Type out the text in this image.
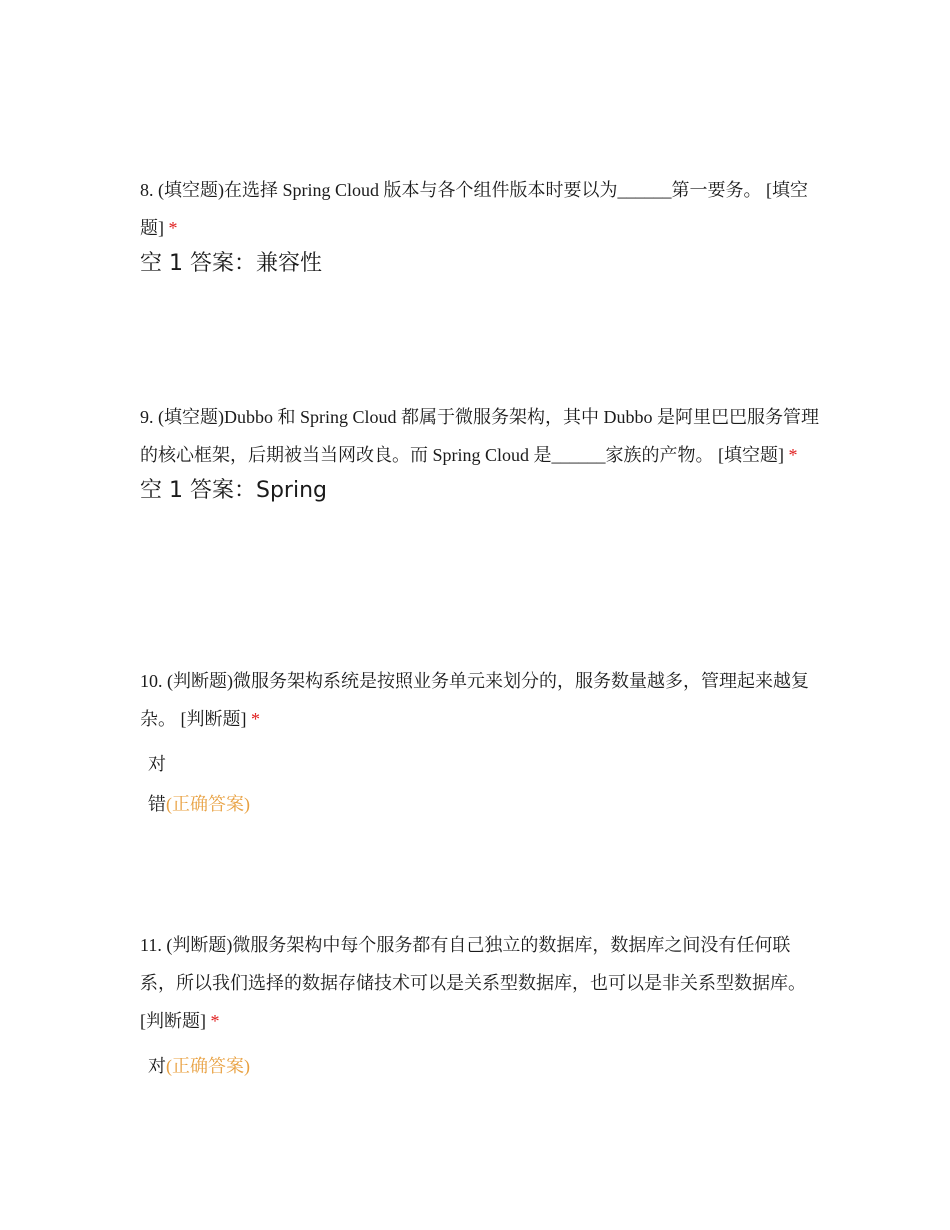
8. (填空题)在选择 Spring Cloud 版本与各个组件版本时要以为______第一要务。 [填空题] *

空 1 答案：兼容性

9. (填空题)Dubbo 和 Spring Cloud 都属于微服务架构，其中 Dubbo 是阿里巴巴服务管理的核心框架，后期被当当网改良。而 Spring Cloud 是______家族的产物。 [填空题] *

空 1 答案：Spring

10. (判断题)微服务架构系统是按照业务单元来划分的，服务数量越多，管理起来越复杂。 [判断题] *

对
错(正确答案)

11. (判断题)微服务架构中每个服务都有自己独立的数据库，数据库之间没有任何联系，所以我们选择的数据存储技术可以是关系型数据库，也可以是非关系型数据库。 [判断题] *

对(正确答案)
